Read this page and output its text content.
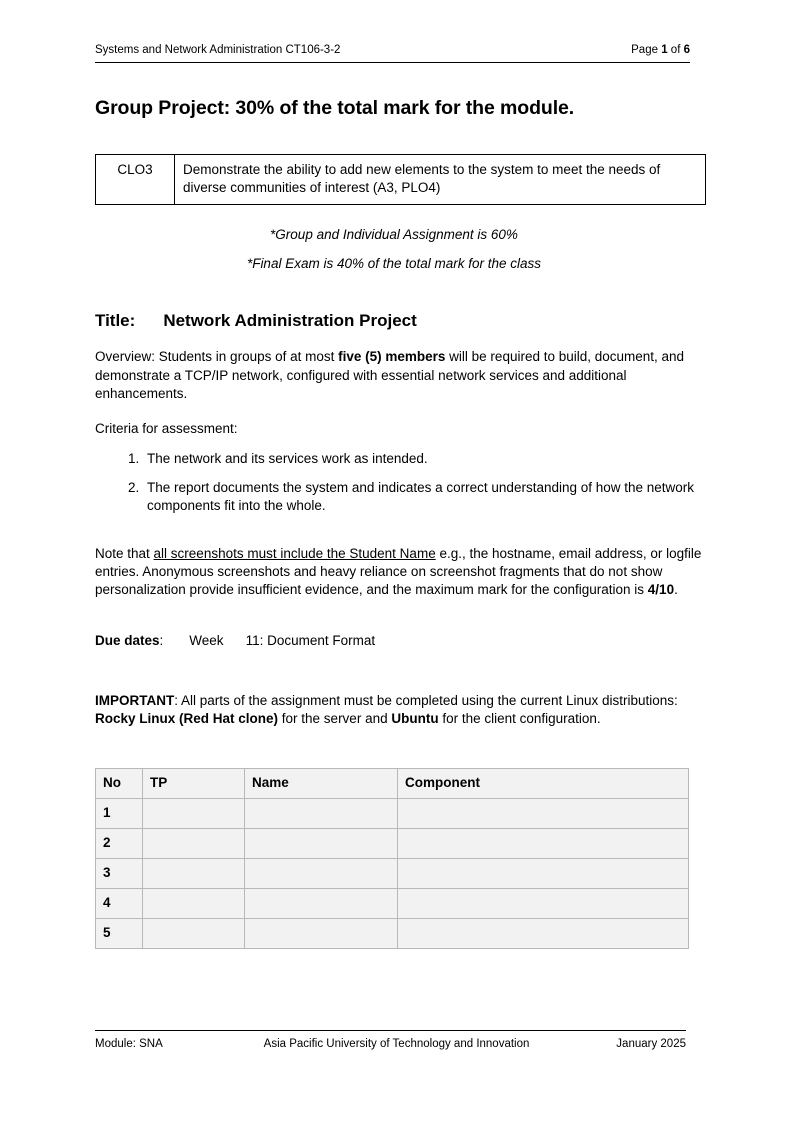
Systems and Network Administration CT106-3-2	Page 1 of 6
Group Project: 30% of the total mark for the module.
CLO3	Demonstrate the ability to add new elements to the system to meet the needs of diverse communities of interest (A3, PLO4)
*Group and Individual Assignment is 60%
*Final Exam is 40% of the total mark for the class
Title: Network Administration Project

Overview: Students in groups of at most five (5) members will be required to build, document, and demonstrate a TCP/IP network, configured with essential network services and additional enhancements.

Criteria for assessment:

1. The network and its services work as intended.
2. The report documents the system and indicates a correct understanding of how the network components fit into the whole.

Note that all screenshots must include the Student Name e.g., the hostname, email address, or logfile entries. Anonymous screenshots and heavy reliance on screenshot fragments that do not show personalization provide insufficient evidence, and the maximum mark for the configuration is 4/10.

Due dates: Week 11: Document Format

IMPORTANT: All parts of the assignment must be completed using the current Linux distributions: Rocky Linux (Red Hat clone) for the server and Ubuntu for the client configuration.

No	TP	Name	Component
1			
2			
3			
4			
5			
Module: SNA	Asia Pacific University of Technology and Innovation	January 2025
